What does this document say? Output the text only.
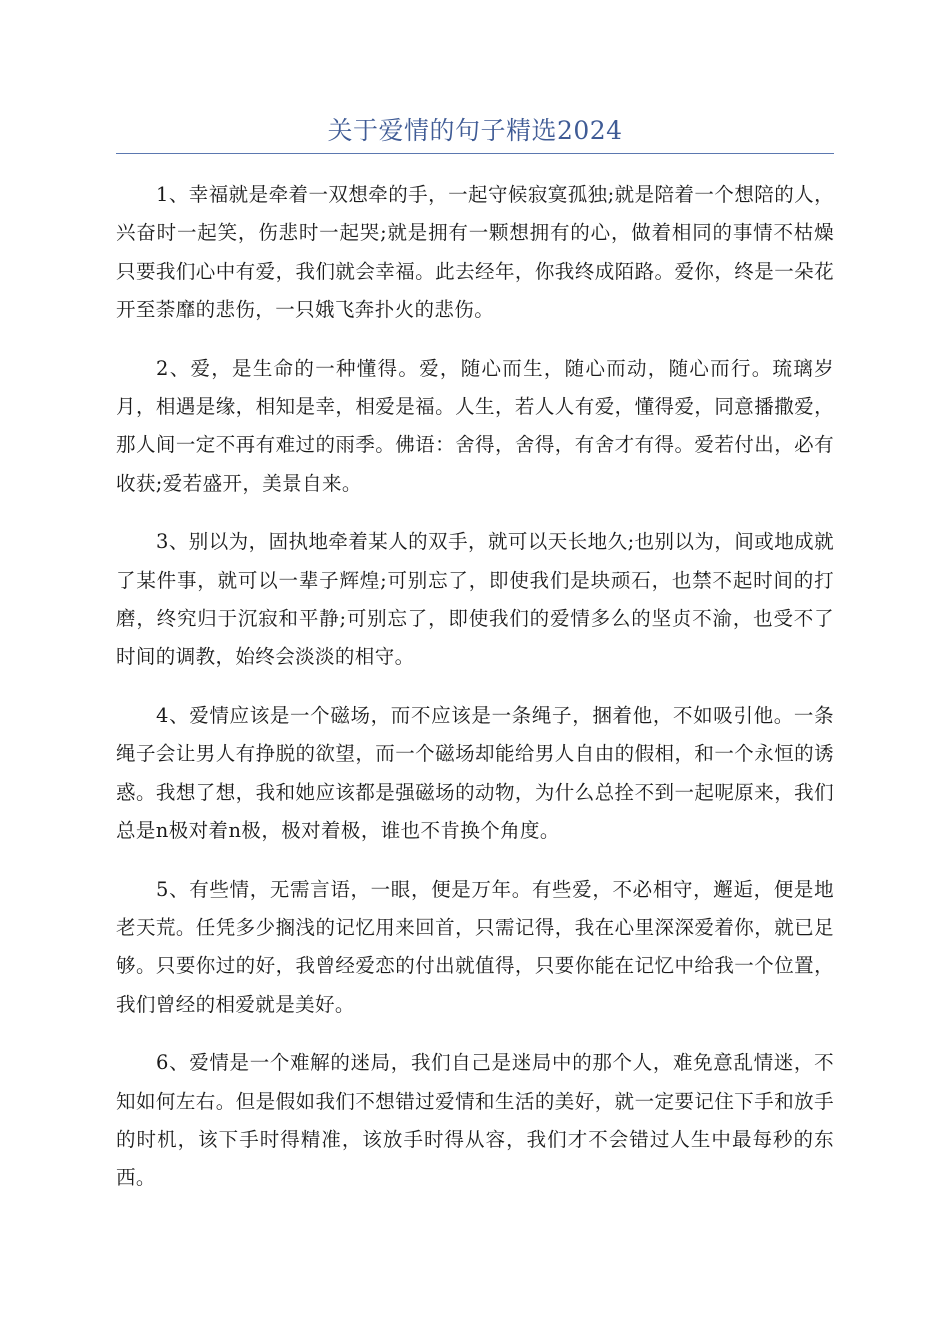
关于爱情的句子精选2024

1、幸福就是牵着一双想牵的手，一起守候寂寞孤独;就是陪着一个想陪的人，兴奋时一起笑，伤悲时一起哭;就是拥有一颗想拥有的心，做着相同的事情不枯燥只要我们心中有爱，我们就会幸福。此去经年，你我终成陌路。爱你，终是一朵花开至荼靡的悲伤，一只娥飞奔扑火的悲伤。

2、爱，是生命的一种懂得。爱，随心而生，随心而动，随心而行。琉璃岁月，相遇是缘，相知是幸，相爱是福。人生，若人人有爱，懂得爱，同意播撒爱，那人间一定不再有难过的雨季。佛语：舍得，舍得，有舍才有得。爱若付出，必有收获;爱若盛开，美景自来。

3、别以为，固执地牵着某人的双手，就可以天长地久;也别以为，间或地成就了某件事，就可以一辈子辉煌;可别忘了，即使我们是块顽石，也禁不起时间的打磨，终究归于沉寂和平静;可别忘了，即使我们的爱情多么的坚贞不渝，也受不了时间的调教，始终会淡淡的相守。

4、爱情应该是一个磁场，而不应该是一条绳子，捆着他，不如吸引他。一条绳子会让男人有挣脱的欲望，而一个磁场却能给男人自由的假相，和一个永恒的诱惑。我想了想，我和她应该都是强磁场的动物，为什么总拴不到一起呢原来，我们总是n极对着n极，极对着极，谁也不肯换个角度。

5、有些情，无需言语，一眼，便是万年。有些爱，不必相守，邂逅，便是地老天荒。任凭多少搁浅的记忆用来回首，只需记得，我在心里深深爱着你，就已足够。只要你过的好，我曾经爱恋的付出就值得，只要你能在记忆中给我一个位置，我们曾经的相爱就是美好。

6、爱情是一个难解的迷局，我们自己是迷局中的那个人，难免意乱情迷，不知如何左右。但是假如我们不想错过爱情和生活的美好，就一定要记住下手和放手的时机，该下手时得精准，该放手时得从容，我们才不会错过人生中最每秒的东西。
